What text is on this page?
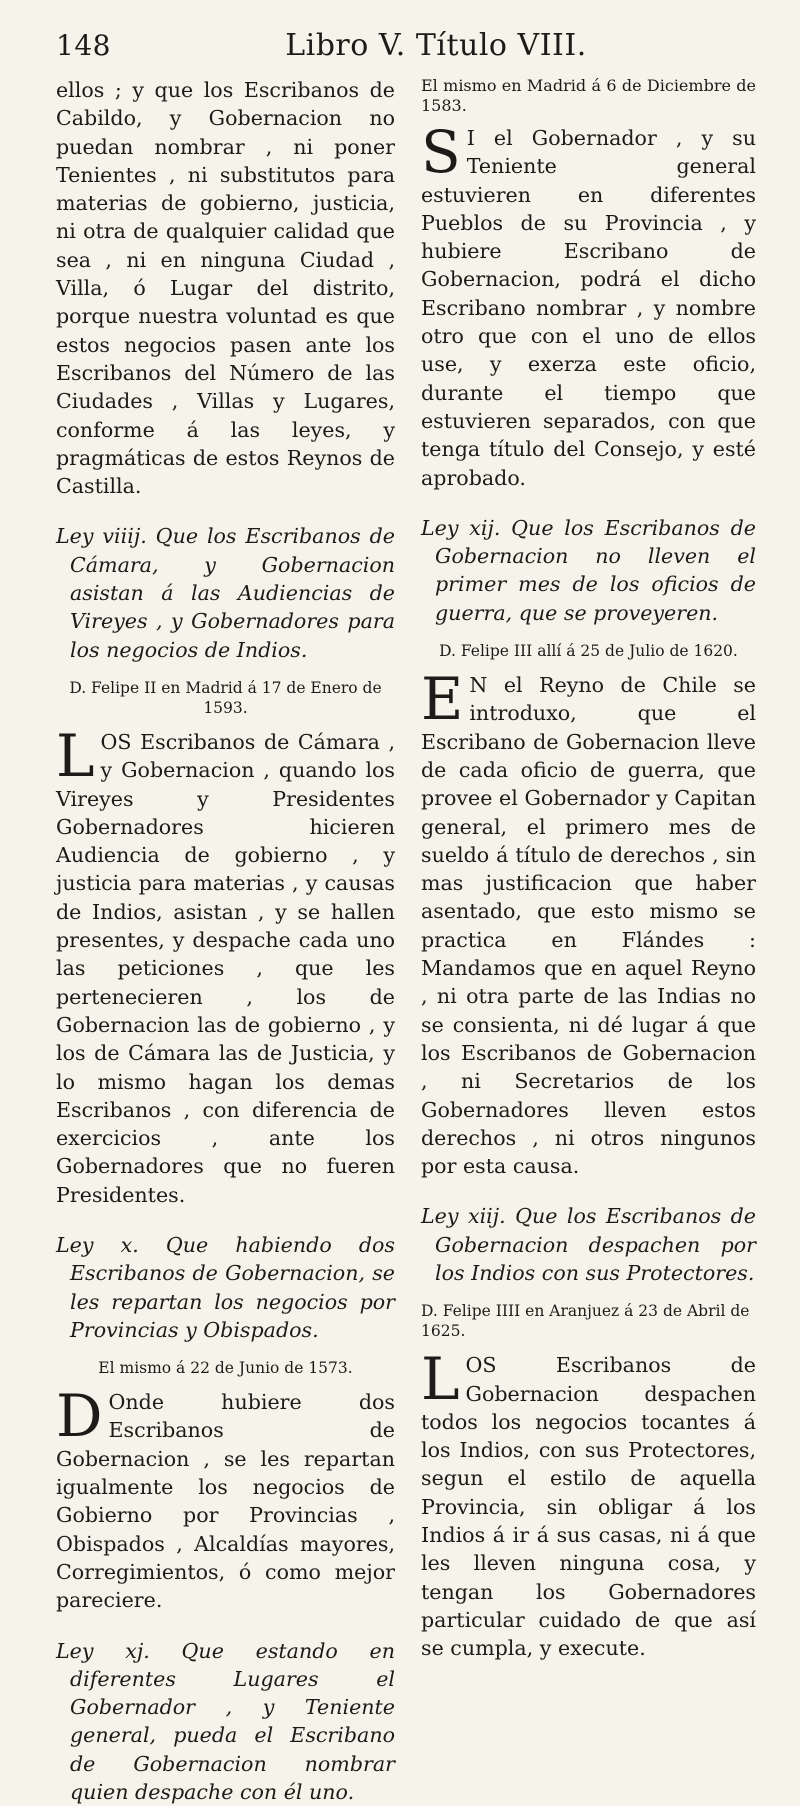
148	Libro V. Título VIII.

ellos ; y que los Escribanos de Cabildo, y Gobernacion no puedan nombrar , ni poner Tenientes , ni substitutos para materias de gobierno, justicia, ni otra de qualquier calidad que sea , ni en ninguna Ciudad , Villa, ó Lugar del distrito, porque nuestra voluntad es que estos negocios pasen ante los Escribanos del Número de las Ciudades , Villas y Lugares, conforme á las leyes, y pragmáticas de estos Reynos de Castilla.

Ley viiij. Que los Escribanos de Cámara, y Gobernacion asistan á las Audiencias de Vireyes , y Gobernadores para los negocios de Indios.

D. Felipe II en Madrid á 17 de Enero de 1593.

LOS Escribanos de Cámara , y Gobernacion , quando los Vireyes y Presidentes Gobernadores hicieren Audiencia de gobierno , y justicia para materias , y causas de Indios, asistan , y se hallen presentes, y despache cada uno las peticiones , que les pertenecieren , los de Gobernacion las de gobierno , y los de Cámara las de Justicia, y lo mismo hagan los demas Escribanos , con diferencia de exercicios , ante los Gobernadores que no fueren Presidentes.

Ley x. Que habiendo dos Escribanos de Gobernacion, se les repartan los negocios por Provincias y Obispados.

El mismo á 22 de Junio de 1573.

D Onde hubiere dos Escribanos de Gobernacion , se les repartan igualmente los negocios de Gobierno por Provincias , Obispados , Alcaldías mayores, Corregimientos, ó como mejor pareciere.

Ley xj. Que estando en diferentes Lugares el Gobernador , y Teniente general, pueda el Escribano de Gobernacion nombrar quien despache con él uno.

El mismo en Madrid á 6 de Diciembre de 1583.

S I el Gobernador , y su Teniente general estuvieren en diferentes Pueblos de su Provincia , y hubiere Escribano de Gobernacion, podrá el dicho Escribano nombrar , y nombre otro que con el uno de ellos use, y exerza este oficio, durante el tiempo que estuvieren separados, con que tenga título del Consejo, y esté aprobado.

Ley xij. Que los Escribanos de Gobernacion no lleven el primer mes de los oficios de guerra, que se proveyeren.

D. Felipe III allí á 25 de Julio de 1620.

E N el Reyno de Chile se introduxo, que el Escribano de Gobernacion lleve de cada oficio de guerra, que provee el Gobernador y Capitan general, el primero mes de sueldo á título de derechos , sin mas justificacion que haber asentado, que esto mismo se practica en Flándes : Mandamos que en aquel Reyno , ni otra parte de las Indias no se consienta, ni dé lugar á que los Escribanos de Gobernacion , ni Secretarios de los Gobernadores lleven estos derechos , ni otros ningunos por esta causa.

Ley xiij. Que los Escribanos de Gobernacion despachen por los Indios con sus Protectores.

D. Felipe IIII en Aranjuez á 23 de Abril de 1625.

LOS Escribanos de Gobernacion despachen todos los negocios tocantes á los Indios, con sus Protectores, segun el estilo de aquella Provincia, sin obligar á los Indios á ir á sus casas, ni á que les lleven ninguna cosa, y tengan los Gobernadores particular cuidado de que así se cumpla, y execute.
